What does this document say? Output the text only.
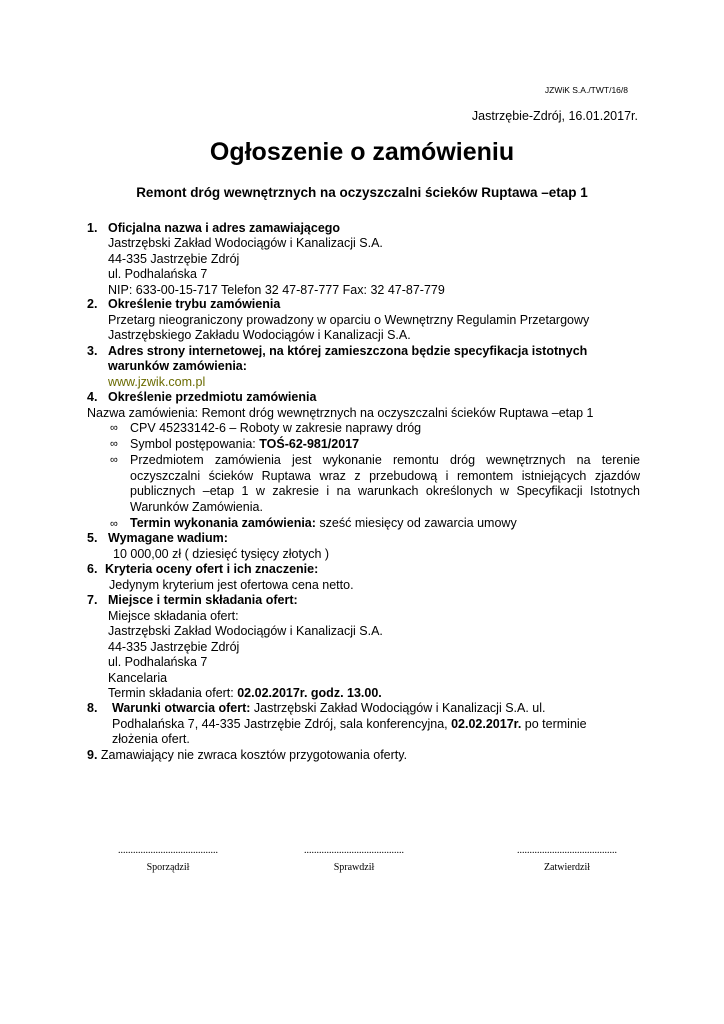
JZWiK S.A./TWT/16/8
Jastrzębie-Zdrój, 16.01.2017r.
Ogłoszenie o zamówieniu
Remont dróg wewnętrznych na oczyszczalni ścieków Ruptawa –etap 1
1. Oficjalna nazwa i adres zamawiającego
Jastrzębski Zakład Wodociągów i Kanalizacji S.A.
44-335 Jastrzębie Zdrój
ul. Podhalańska 7
NIP: 633-00-15-717 Telefon 32 47-87-777 Fax: 32 47-87-779
2. Określenie trybu zamówienia
Przetarg nieograniczony prowadzony w oparciu o Wewnętrzny Regulamin Przetargowy
Jastrzębskiego Zakładu Wodociągów i Kanalizacji S.A.
3. Adres strony internetowej, na której zamieszczona będzie specyfikacja istotnych
warunków zamówienia:
www.jzwik.com.pl
4. Określenie przedmiotu zamówienia
Nazwa zamówienia: Remont dróg wewnętrznych na oczyszczalni ścieków Ruptawa –etap 1
∞ CPV 45233142-6 – Roboty w zakresie naprawy dróg
∞ Symbol postępowania: TOŚ-62-981/2017
∞ Przedmiotem zamówienia jest wykonanie remontu dróg wewnętrznych na terenie
oczyszczalni ścieków Ruptawa wraz z przebudową i remontem istniejących zjazdów
publicznych –etap 1 w zakresie i na warunkach określonych w Specyfikacji Istotnych
Warunków Zamówienia.
∞ Termin wykonania zamówienia: sześć miesięcy od zawarcia umowy
5. Wymagane wadium:
10 000,00 zł ( dziesięć tysięcy złotych )
6. Kryteria oceny ofert i ich znaczenie:
Jedynym kryterium jest ofertowa cena netto.
7. Miejsce i termin składania ofert:
Miejsce składania ofert:
Jastrzębski Zakład Wodociągów i Kanalizacji S.A.
44-335 Jastrzębie Zdrój
ul. Podhalańska 7
Kancelaria
Termin składania ofert: 02.02.2017r. godz. 13.00.
8. Warunki otwarcia ofert: Jastrzębski Zakład Wodociągów i Kanalizacji S.A. ul.
Podhalańska 7, 44-335 Jastrzębie Zdrój, sala konferencyjna, 02.02.2017r. po terminie
złożenia ofert.
9. Zamawiający nie zwraca kosztów przygotowania oferty.
........................................
Sporządził
........................................
Sprawdził
........................................
Zatwierdził
